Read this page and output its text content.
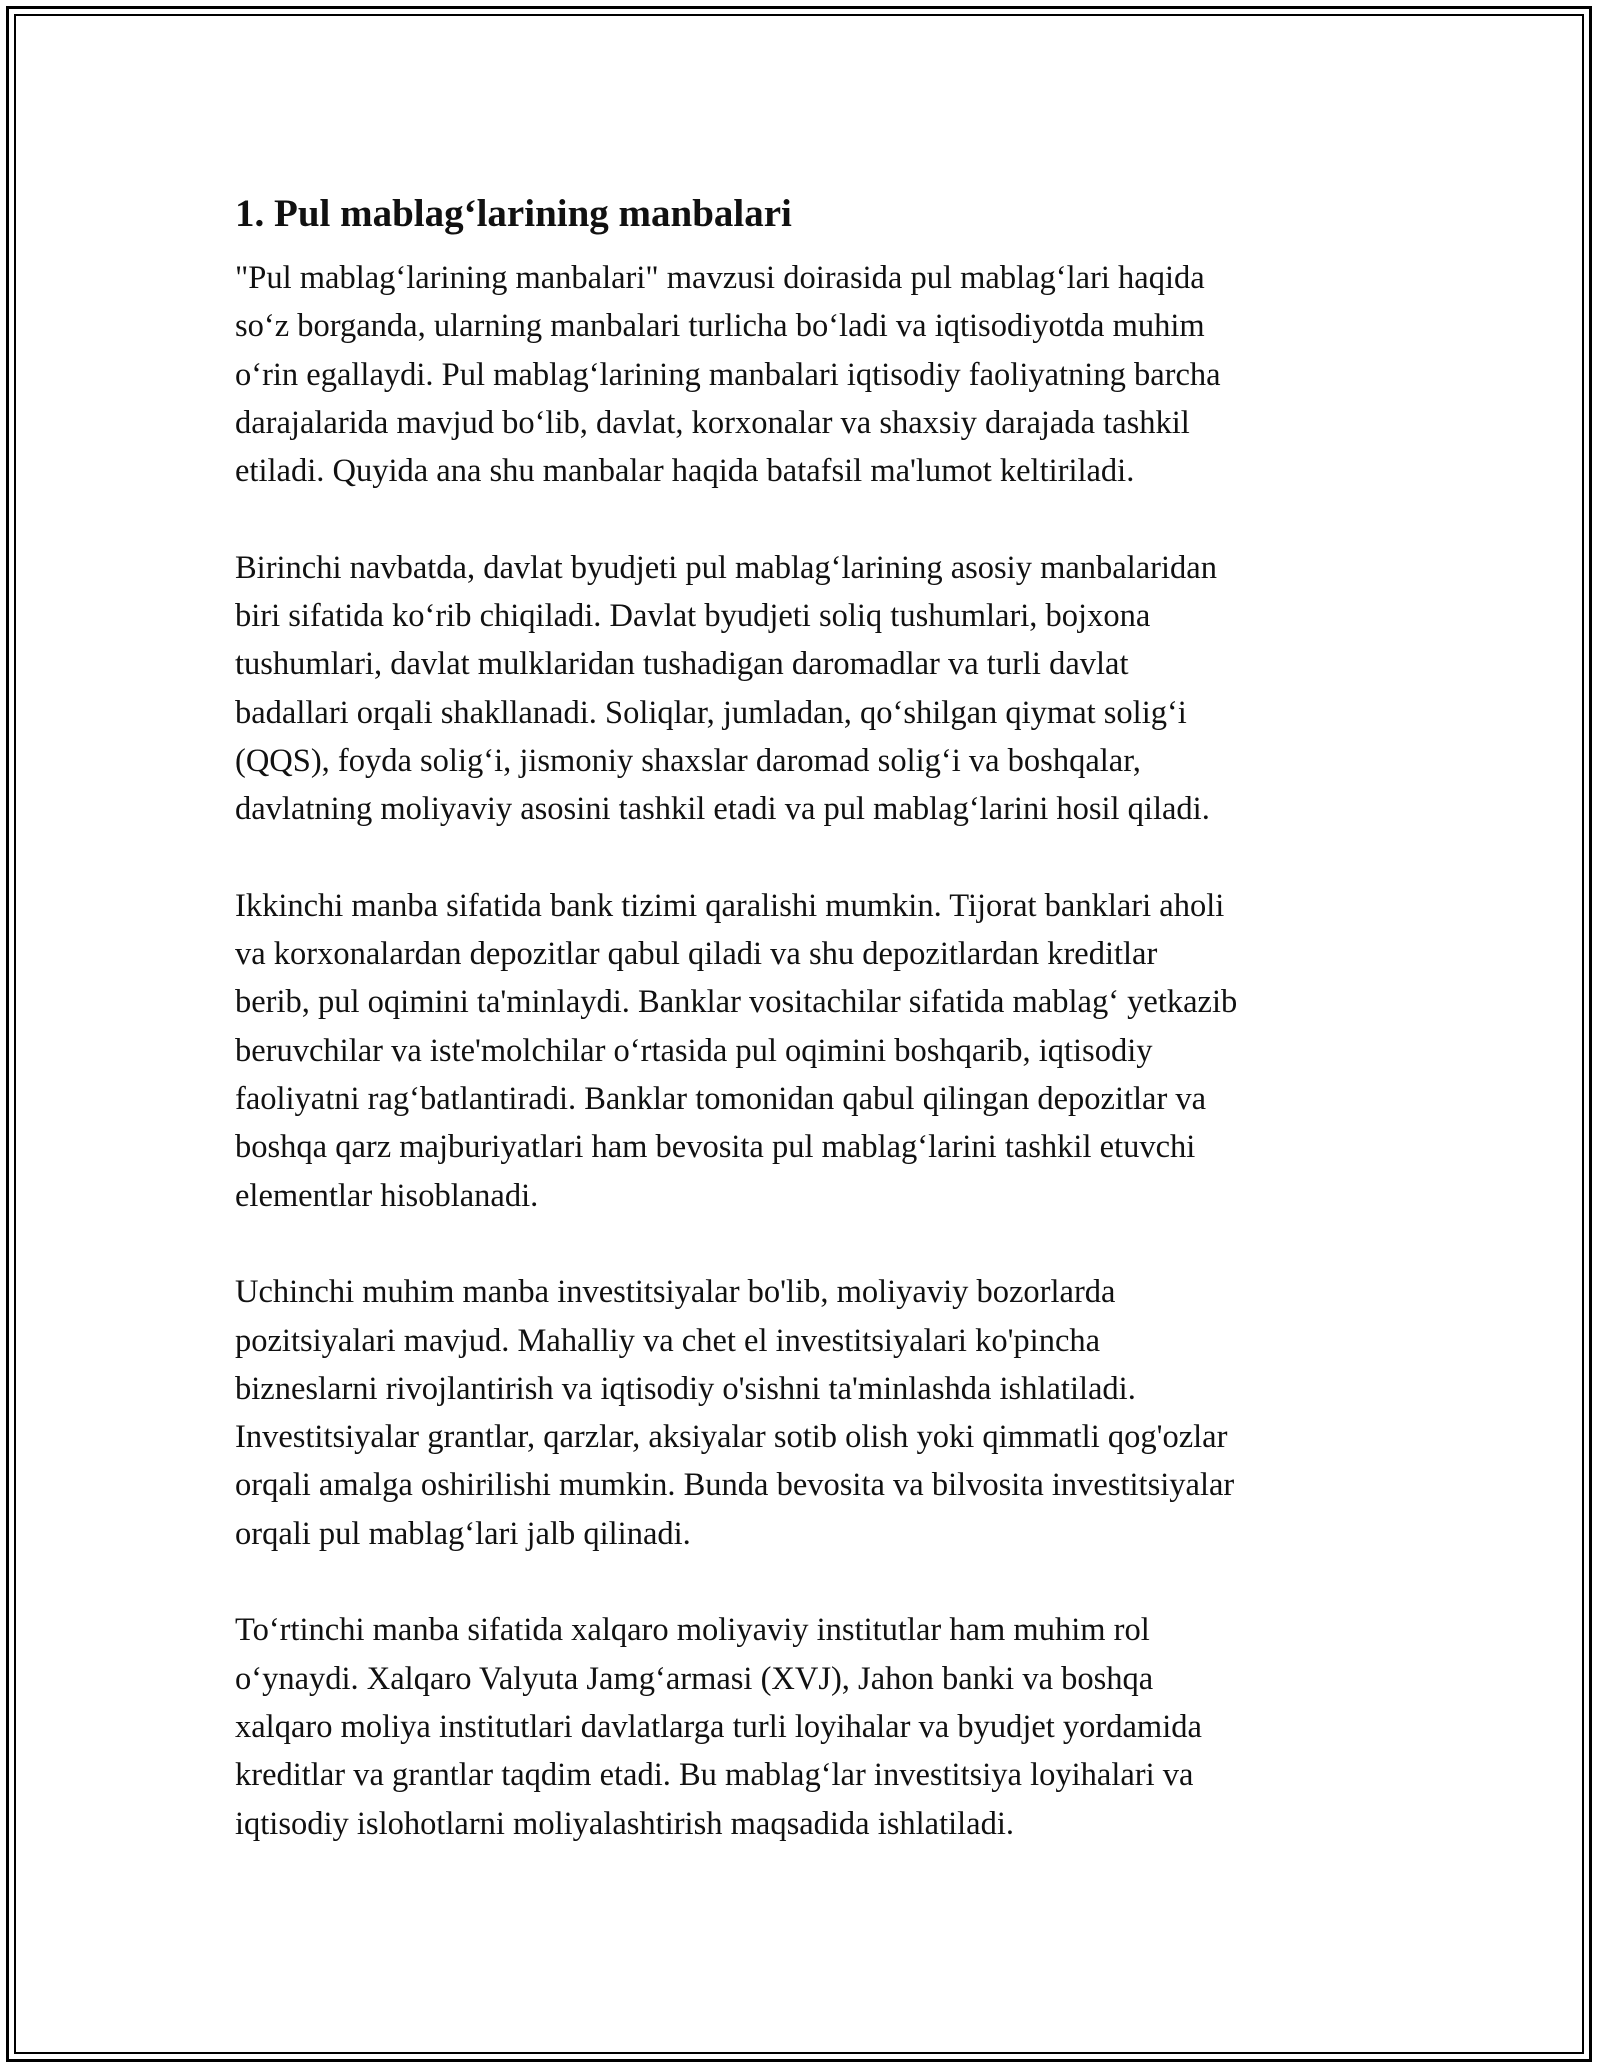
1. Pul mablag‘larining manbalari

"Pul mablag‘larining manbalari" mavzusi doirasida pul mablag‘lari haqida
so‘z borganda, ularning manbalari turlicha bo‘ladi va iqtisodiyotda muhim
o‘rin egallaydi. Pul mablag‘larining manbalari iqtisodiy faoliyatning barcha
darajalarida mavjud bo‘lib, davlat, korxonalar va shaxsiy darajada tashkil
etiladi. Quyida ana shu manbalar haqida batafsil ma'lumot keltiriladi.

Birinchi navbatda, davlat byudjeti pul mablag‘larining asosiy manbalaridan
biri sifatida ko‘rib chiqiladi. Davlat byudjeti soliq tushumlari, bojxona
tushumlari, davlat mulklaridan tushadigan daromadlar va turli davlat
badallari orqali shakllanadi. Soliqlar, jumladan, qo‘shilgan qiymat solig‘i
(QQS), foyda solig‘i, jismoniy shaxslar daromad solig‘i va boshqalar,
davlatning moliyaviy asosini tashkil etadi va pul mablag‘larini hosil qiladi.

Ikkinchi manba sifatida bank tizimi qaralishi mumkin. Tijorat banklari aholi
va korxonalardan depozitlar qabul qiladi va shu depozitlardan kreditlar
berib, pul oqimini ta'minlaydi. Banklar vositachilar sifatida mablag‘ yetkazib
beruvchilar va iste'molchilar o‘rtasida pul oqimini boshqarib, iqtisodiy
faoliyatni rag‘batlantiradi. Banklar tomonidan qabul qilingan depozitlar va
boshqa qarz majburiyatlari ham bevosita pul mablag‘larini tashkil etuvchi
elementlar hisoblanadi.

Uchinchi muhim manba investitsiyalar bo'lib, moliyaviy bozorlarda
pozitsiyalari mavjud. Mahalliy va chet el investitsiyalari ko'pincha
bizneslarni rivojlantirish va iqtisodiy o'sishni ta'minlashda ishlatiladi.
Investitsiyalar grantlar, qarzlar, aksiyalar sotib olish yoki qimmatli qog'ozlar
orqali amalga oshirilishi mumkin. Bunda bevosita va bilvosita investitsiyalar
orqali pul mablag‘lari jalb qilinadi.

To‘rtinchi manba sifatida xalqaro moliyaviy institutlar ham muhim rol
o‘ynaydi. Xalqaro Valyuta Jamg‘armasi (XVJ), Jahon banki va boshqa
xalqaro moliya institutlari davlatlarga turli loyihalar va byudjet yordamida
kreditlar va grantlar taqdim etadi. Bu mablag‘lar investitsiya loyihalari va
iqtisodiy islohotlarni moliyalashtirish maqsadida ishlatiladi.
